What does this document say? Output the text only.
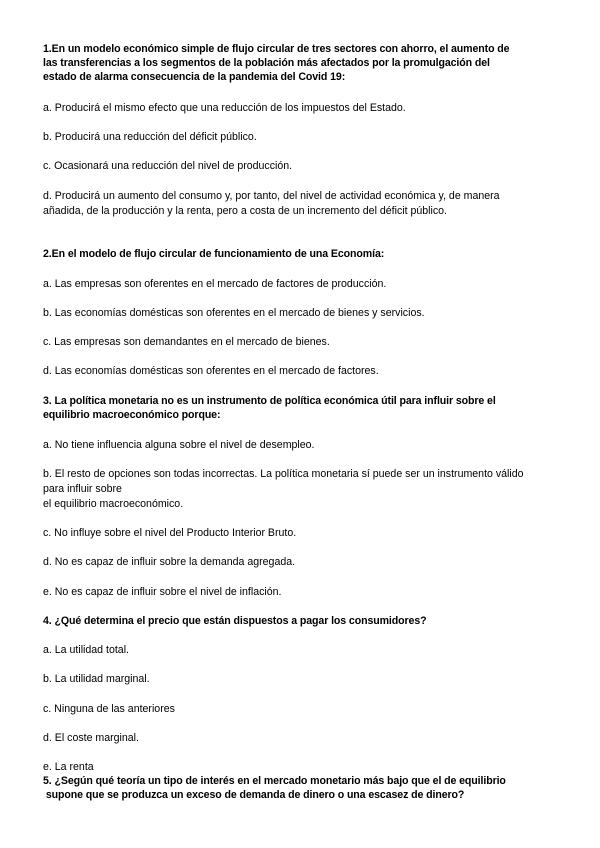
1.En un modelo económico simple de flujo circular de tres sectores con ahorro, el aumento de
las transferencias a los segmentos de la población más afectados por la promulgación del
estado de alarma consecuencia de la pandemia del Covid 19:
a. Producirá el mismo efecto que una reducción de los impuestos del Estado.
b. Producirá una reducción del déficit público.
c. Ocasionará una reducción del nivel de producción.
d. Producirá un aumento del consumo y, por tanto, del nivel de actividad económica y, de manera
añadida, de la producción y la renta, pero a costa de un incremento del déficit público.
2.En el modelo de flujo circular de funcionamiento de una Economía:
a. Las empresas son oferentes en el mercado de factores de producción.
b. Las economías domésticas son oferentes en el mercado de bienes y servicios.
c. Las empresas son demandantes en el mercado de bienes.
d. Las economías domésticas son oferentes en el mercado de factores.
3. La política monetaria no es un instrumento de política económica útil para influir sobre el
equilibrio macroeconómico porque:
a. No tiene influencia alguna sobre el nivel de desempleo.
b. El resto de opciones son todas incorrectas. La política monetaria sí puede ser un instrumento válido
para influir sobre
el equilibrio macroeconómico.
c. No influye sobre el nivel del Producto Interior Bruto.
d. No es capaz de influir sobre la demanda agregada.
e. No es capaz de influir sobre el nivel de inflación.
4. ¿Qué determina el precio que están dispuestos a pagar los consumidores?
a. La utilidad total.
b. La utilidad marginal.
c. Ninguna de las anteriores
d. El coste marginal.
e. La renta
5. ¿Según qué teoría un tipo de interés en el mercado monetario más bajo que el de equilibrio
supone que se produzca un exceso de demanda de dinero o una escasez de dinero?
